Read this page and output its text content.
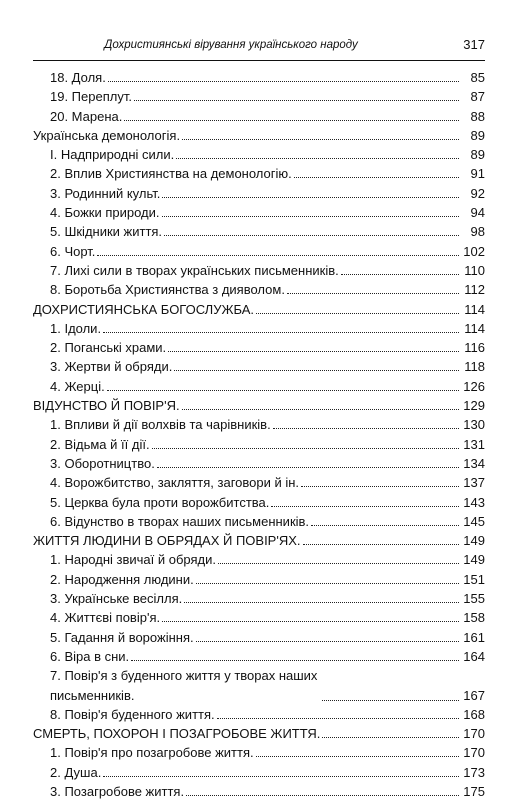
Дохристиянські вірування українського народу	317
18. Доля.	85
19. Переплут.	87
20. Марена.	88
Українська демонологія.	89
І. Надприродні сили.	89
2. Вплив Християнства на демонологію.	91
3. Родинний культ.	92
4. Божки природи.	94
5. Шкідники життя.	98
6. Чорт.	102
7. Лихі сили в творах українських письменників.	110
8. Боротьба Християнства з дияволом.	112
ДОХРИСТИЯНСЬКА БОГОСЛУЖБА.	114
1. Ідоли.	114
2. Поганські храми.	116
3. Жертви й обряди.	118
4. Жерці.	126
ВІДУНСТВО Й ПОВІР'Я.	129
1. Впливи й дії волхвів та чарівників.	130
2. Відьма й її дії.	131
3. Оборотництво.	134
4. Ворожбитство, закляття, заговори й ін.	137
5. Церква була проти ворожбитства.	143
6. Відунство в творах наших письменників.	145
ЖИТТЯ ЛЮДИНИ В ОБРЯДАХ Й ПОВІР'ЯХ.	149
1. Народні звичаї й обряди.	149
2. Народження людини.	151
3. Українське весілля.	155
4. Життєві повір'я.	158
5. Гадання й ворожіння.	161
6. Віра в сни.	164
7. Повір'я з буденного життя у творах наших письменників.	167
8. Повір'я буденного життя.	168
СМЕРТЬ, ПОХОРОН І ПОЗАГРОБОВЕ ЖИТТЯ.	170
1. Повір'я про позагробове життя.	170
2. Душа.	173
3. Позагробове життя.	175
